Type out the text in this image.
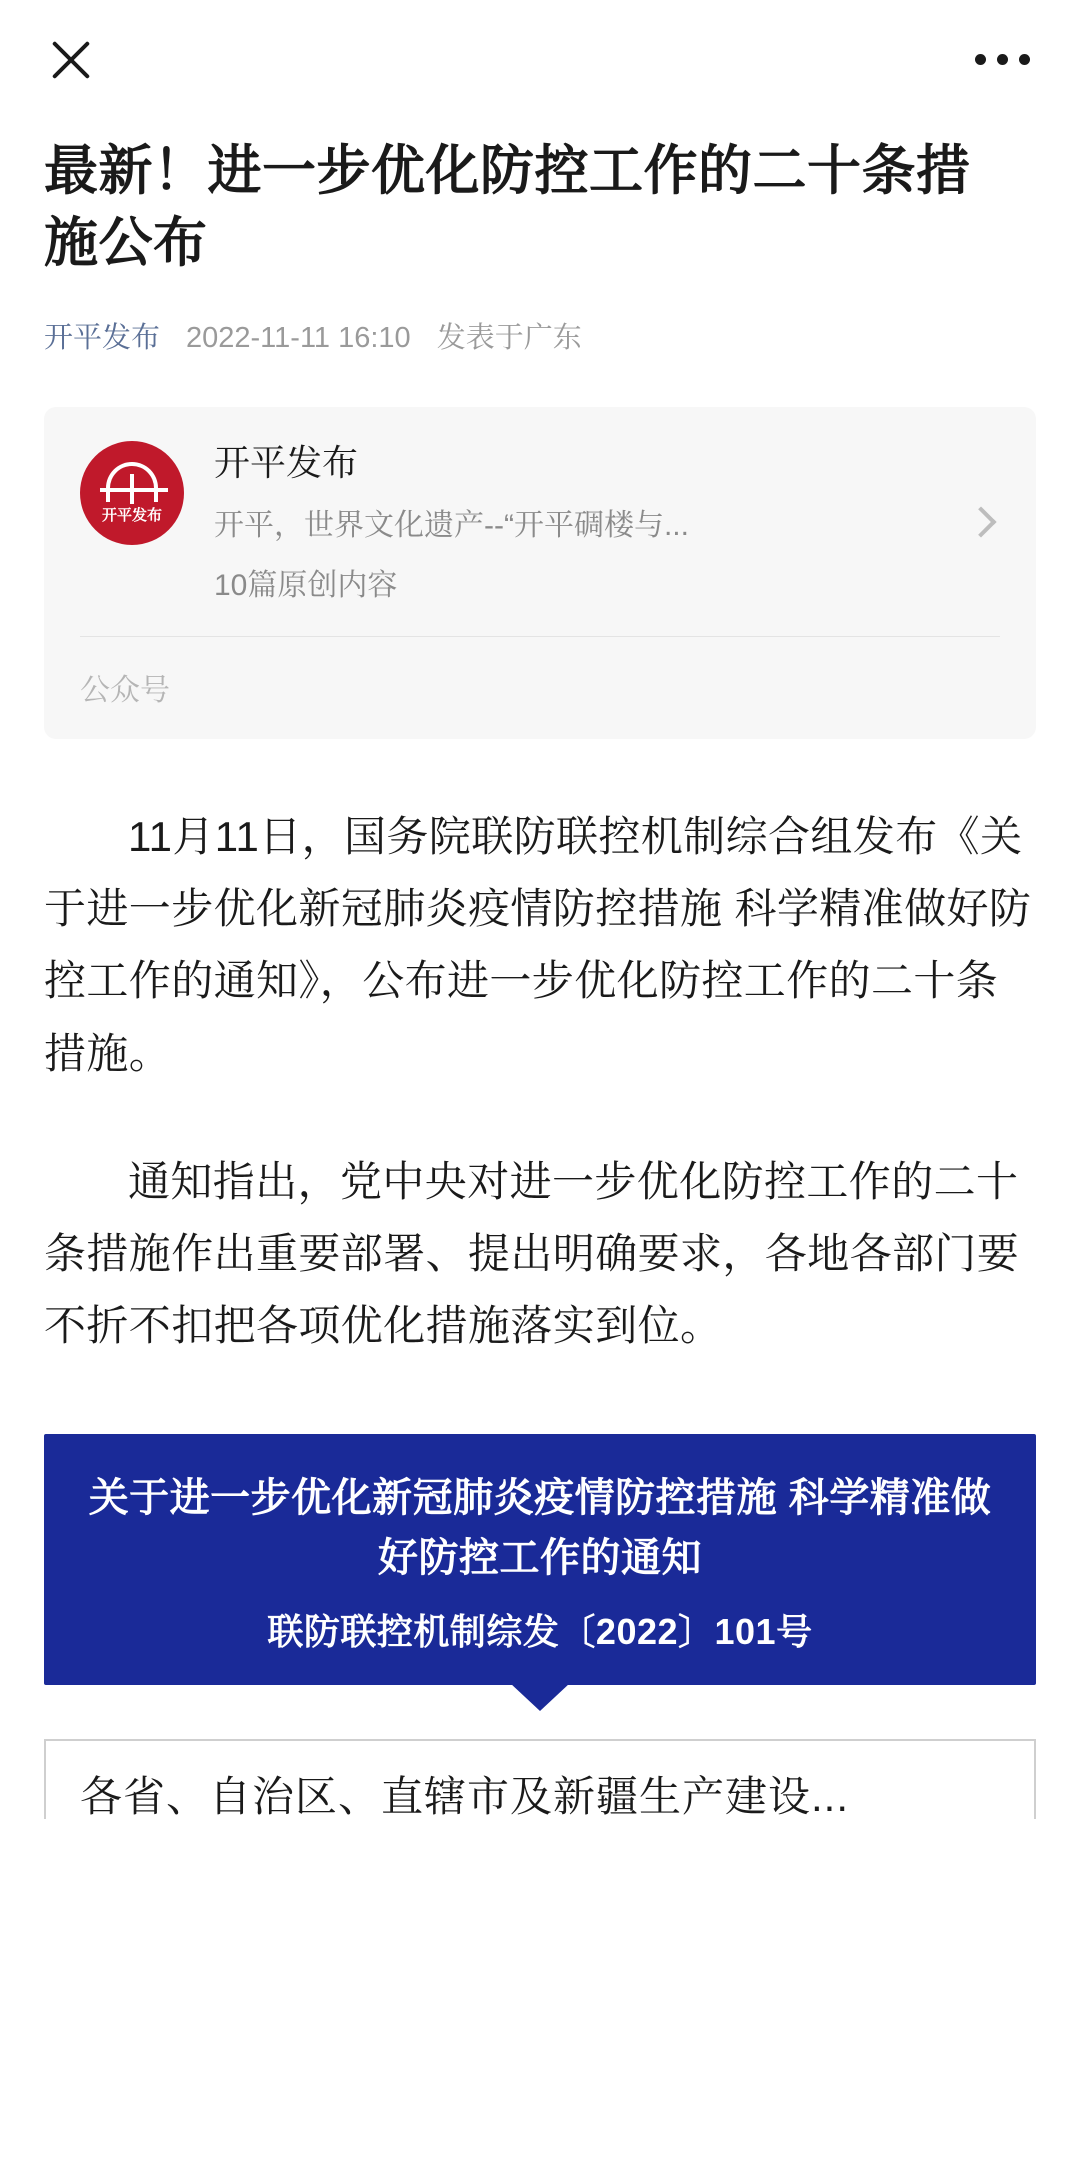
最新！进一步优化防控工作的二十条措施公布
开平发布 2022-11-11 16:10 发表于广东
开平发布
开平发布
开平，世界文化遗产--“开平碉楼与...
10篇原创内容
公众号

11月11日，国务院联防联控机制综合组发布《关于进一步优化新冠肺炎疫情防控措施 科学精准做好防控工作的通知》，公布进一步优化防控工作的二十条措施。

通知指出，党中央对进一步优化防控工作的二十条措施作出重要部署、提出明确要求，各地各部门要不折不扣把各项优化措施落实到位。

关于进一步优化新冠肺炎疫情防控措施 科学精准做好防控工作的通知
联防联控机制综发〔2022〕101号

各省、自治区、直辖市及新疆生产建设...
